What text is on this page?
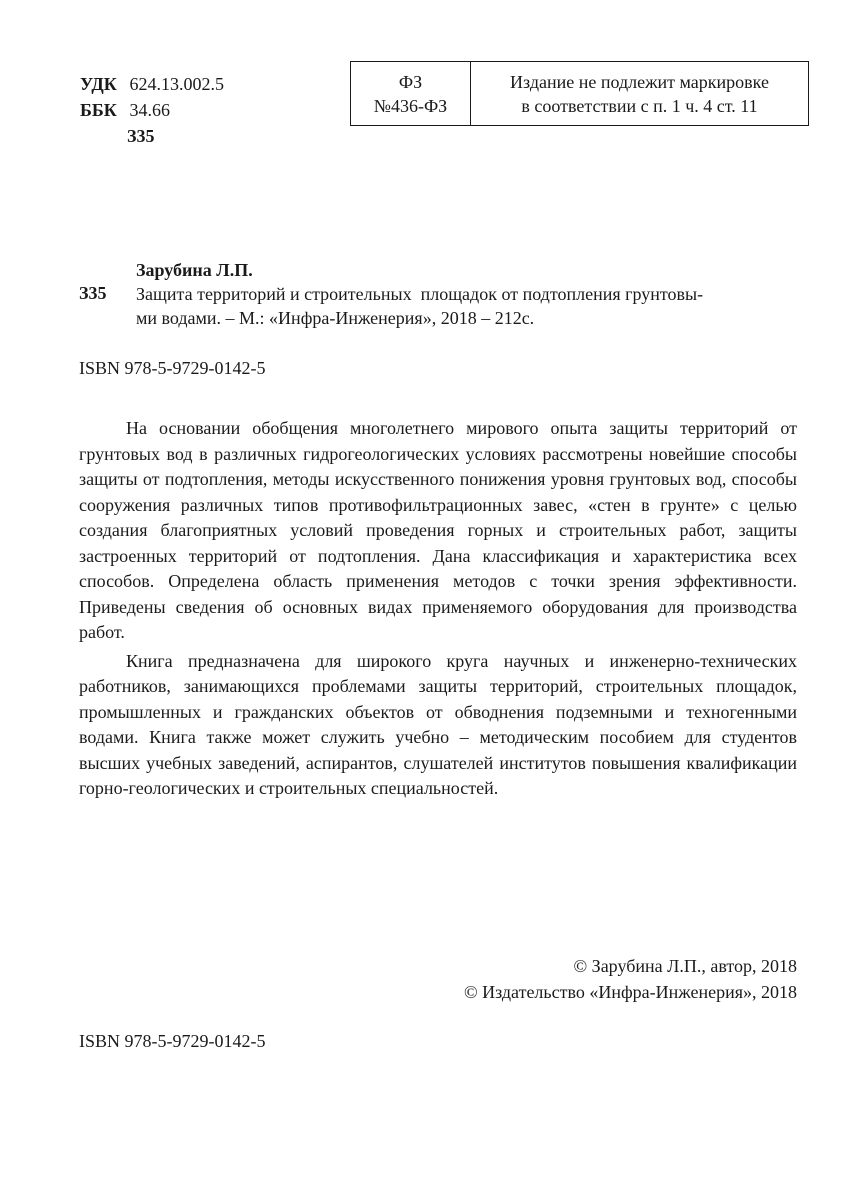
УДК 624.13.002.5
ББК 34.66
З35
ФЗ
№436-ФЗ
Издание не подлежит маркировке
в соответствии с п. 1 ч. 4 ст. 11
З35
Зарубина Л.П.

Защита территорий и строительных  площадок от подтопления грунтовы-

ми водами. – М.: «Инфра-Инженерия», 2018 – 212с.

ISBN 978-5-9729-0142-5

На основании обобщения многолетнего мирового опыта защиты территорий от грунтовых вод в различных гидрогеологических условиях рассмотрены новейшие способы защиты от подтопления, методы искусственного понижения уровня грунтовых вод, способы сооружения различных типов противофильтрационных завес, «стен в грунте» с целью создания благоприятных условий проведения горных и строительных работ, защиты застроенных территорий от подтопления. Дана классификация и характеристика всех способов. Определена область применения методов с точки зрения эффективности. Приведены сведения об основных видах применяемого оборудования для производства работ.

Книга предназначена для широкого круга научных и инженерно-технических работников, занимающихся проблемами защиты территорий, строительных площадок, промышленных и гражданских объектов от обводнения подземными и техногенными водами. Книга также может служить учебно – методическим пособием для студентов высших учебных заведений, аспирантов, слушателей институтов повышения квалификации горно-геологических и строительных специальностей.

© Зарубина Л.П., автор, 2018
© Издательство «Инфра-Инженерия», 2018
ISBN 978-5-9729-0142-5
